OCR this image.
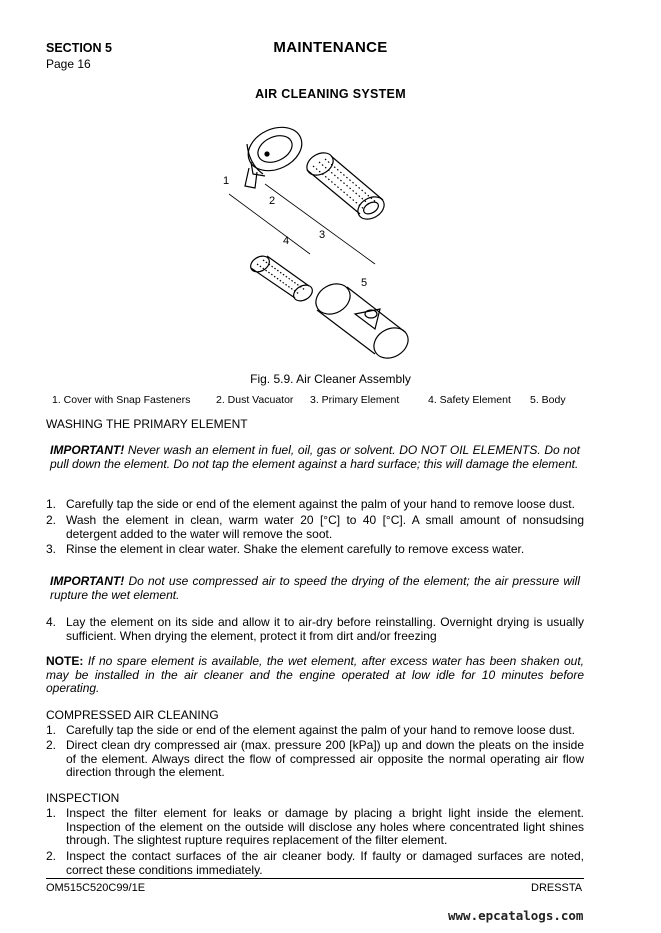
SECTION 5
Page 16
MAINTENANCE
AIR CLEANING SYSTEM
1
2
3
4
5
Fig. 5.9. Air Cleaner Assembly
1. Cover with Snap Fasteners 2. Dust Vacuator 3. Primary Element	4. Safety Element 5. Body
WASHING THE PRIMARY ELEMENT
IMPORTANT! Never wash an element in fuel, oil, gas or solvent. DO NOT OIL ELEMENTS. Do not pull down the element. Do not tap the element against a hard surface; this will damage the element.
1. Carefully tap the side or end of the element against the palm of your hand to remove loose dust.
2. Wash the element in clean, warm water 20 [°C] to 40 [°C]. A small amount of nonsudsing detergent added to the water will remove the soot.
3. Rinse the element in clear water. Shake the element carefully to remove excess water.
IMPORTANT! Do not use compressed air to speed the drying of the element; the air pressure will rupture the wet element.
4. Lay the element on its side and allow it to air-dry before reinstalling. Overnight drying is usually sufficient. When drying the element, protect it from dirt and/or freezing
NOTE: If no spare element is available, the wet element, after excess water has been shaken out, may be installed in the air cleaner and the engine operated at low idle for 10 minutes before operating.
COMPRESSED AIR CLEANING
1. Carefully tap the side or end of the element against the palm of your hand to remove loose dust.
2. Direct clean dry compressed air (max. pressure 200 [kPa]) up and down the pleats on the inside of the element. Always direct the flow of compressed air opposite the normal operating air flow direction through the element.
INSPECTION
1. Inspect the filter element for leaks or damage by placing a bright light inside the element. Inspection of the element on the outside will disclose any holes where concentrated light shines through. The slightest rupture requires replacement of the filter element.
2. Inspect the contact surfaces of the air cleaner body. If faulty or damaged surfaces are noted, correct these conditions immediately.
OM515C520C99/1E	DRESSTA
www.epcatalogs.com
